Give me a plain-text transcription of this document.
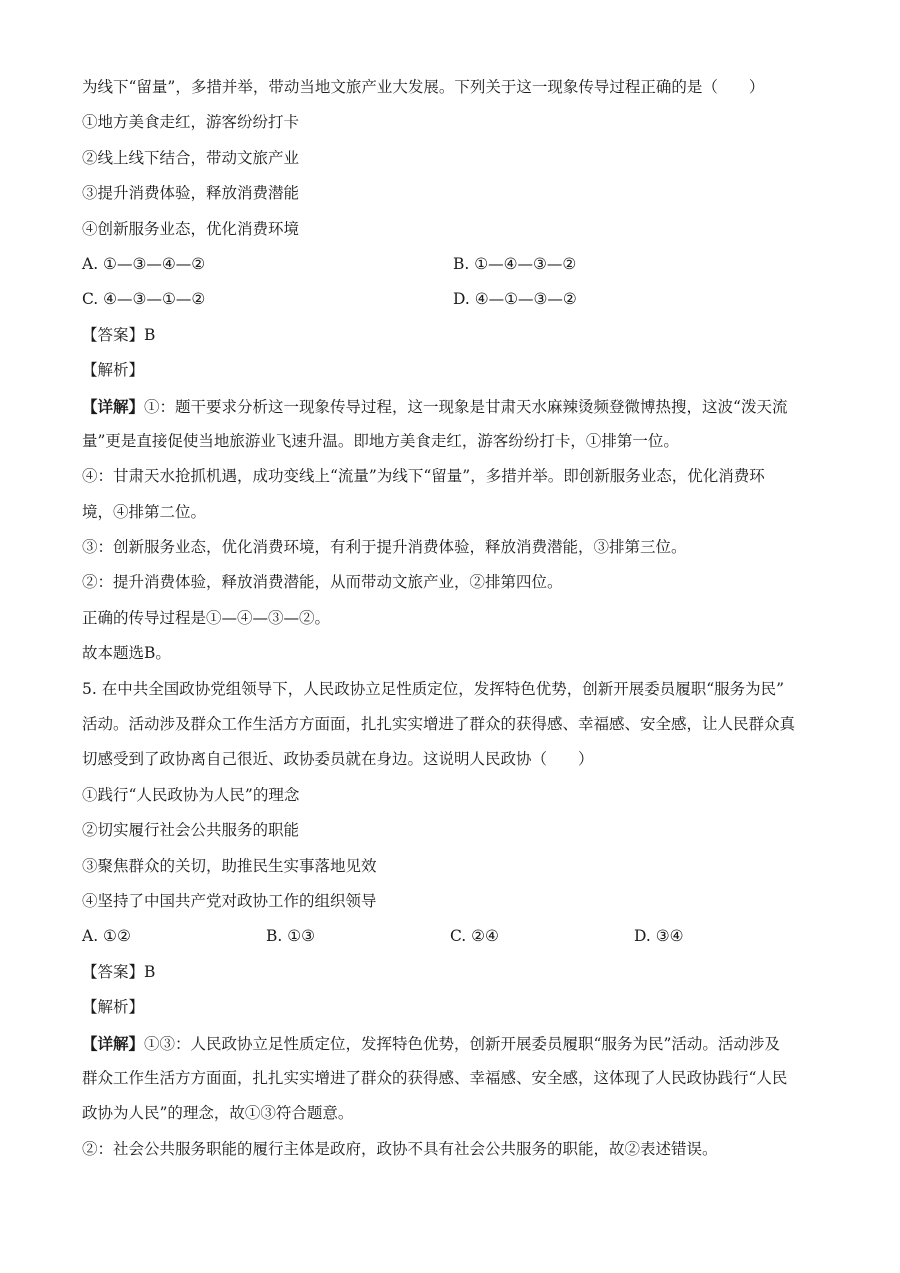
为线下“留量”，多措并举，带动当地文旅产业大发展。下列关于这一现象传导过程正确的是（　　）
①地方美食走红，游客纷纷打卡
②线上线下结合，带动文旅产业
③提升消费体验，释放消费潜能
④创新服务业态，优化消费环境
A. ①—③—④—②	B. ①—④—③—②
C. ④—③—①—②	D. ④—①—③—②
【答案】B
【解析】
【详解】①：题干要求分析这一现象传导过程，这一现象是甘肃天水麻辣烫频登微博热搜，这波“泼天流
量”更是直接促使当地旅游业飞速升温。即地方美食走红，游客纷纷打卡，①排第一位。
④：甘肃天水抢抓机遇，成功变线上“流量”为线下“留量”，多措并举。即创新服务业态，优化消费环
境，④排第二位。
③：创新服务业态，优化消费环境，有利于提升消费体验，释放消费潜能，③排第三位。
②：提升消费体验，释放消费潜能，从而带动文旅产业，②排第四位。
正确的传导过程是①—④—③—②。
故本题选B。
5. 在中共全国政协党组领导下，人民政协立足性质定位，发挥特色优势，创新开展委员履职“服务为民”
活动。活动涉及群众工作生活方方面面，扎扎实实增进了群众的获得感、幸福感、安全感，让人民群众真
切感受到了政协离自己很近、政协委员就在身边。这说明人民政协（　　）
①践行“人民政协为人民”的理念
②切实履行社会公共服务的职能
③聚焦群众的关切，助推民生实事落地见效
④坚持了中国共产党对政协工作的组织领导
A. ①②	B. ①③	C. ②④	D. ③④
【答案】B
【解析】
【详解】①③：人民政协立足性质定位，发挥特色优势，创新开展委员履职“服务为民”活动。活动涉及
群众工作生活方方面面，扎扎实实增进了群众的获得感、幸福感、安全感，这体现了人民政协践行“人民
政协为人民”的理念，故①③符合题意。
②：社会公共服务职能的履行主体是政府，政协不具有社会公共服务的职能，故②表述错误。
